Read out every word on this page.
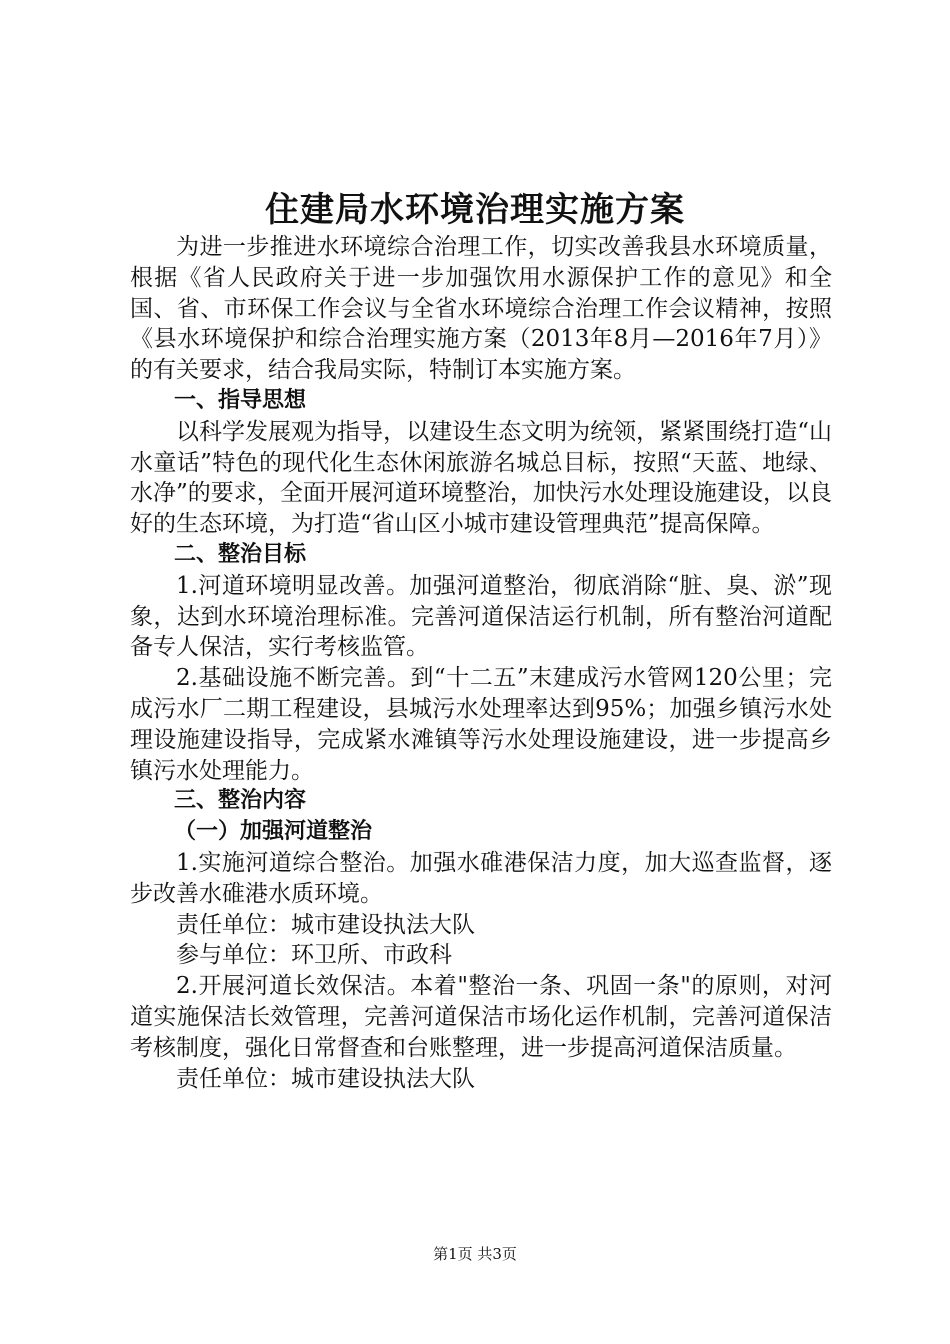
住建局水环境治理实施方案

为进一步推进水环境综合治理工作，切实改善我县水环境质量，根据《省人民政府关于进一步加强饮用水源保护工作的意见》和全国、省、市环保工作会议与全省水环境综合治理工作会议精神，按照《县水环境保护和综合治理实施方案（2013年8月—2016年7月）》的有关要求，结合我局实际，特制订本实施方案。

一、指导思想

以科学发展观为指导，以建设生态文明为统领，紧紧围绕打造“山水童话”特色的现代化生态休闲旅游名城总目标，按照“天蓝、地绿、水净”的要求，全面开展河道环境整治，加快污水处理设施建设，以良好的生态环境，为打造“省山区小城市建设管理典范”提高保障。

二、整治目标

1.河道环境明显改善。加强河道整治，彻底消除“脏、臭、淤”现象，达到水环境治理标准。完善河道保洁运行机制，所有整治河道配备专人保洁，实行考核监管。

2.基础设施不断完善。到“十二五”末建成污水管网120公里；完成污水厂二期工程建设，县城污水处理率达到95%；加强乡镇污水处理设施建设指导，完成紧水滩镇等污水处理设施建设，进一步提高乡镇污水处理能力。

三、整治内容

（一）加强河道整治

1.实施河道综合整治。加强水碓港保洁力度，加大巡查监督，逐步改善水碓港水质环境。

责任单位：城市建设执法大队

参与单位：环卫所、市政科

2.开展河道长效保洁。本着"整治一条、巩固一条"的原则，对河道实施保洁长效管理，完善河道保洁市场化运作机制，完善河道保洁考核制度，强化日常督查和台账整理，进一步提高河道保洁质量。

责任单位：城市建设执法大队

第1页 共3页
